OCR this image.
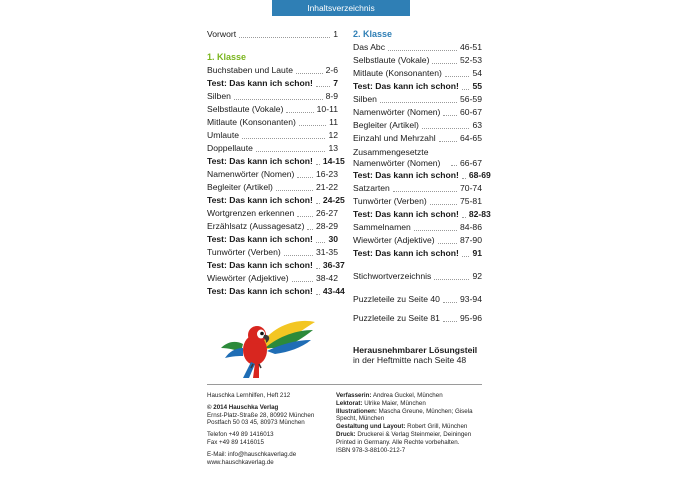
Inhaltsverzeichnis
Vorwort	1
1. Klasse
Buchstaben und Laute	2-6
Test: Das kann ich schon! 7
Silben	8-9
Selbstlaute (Vokale)	10-11
Mitlaute (Konsonanten)	11
Umlaute	12
Doppellaute	13
Test: Das kann ich schon! 14-15
Namenwörter (Nomen)	16-23
Begleiter (Artikel)	21-22
Test: Das kann ich schon! 24-25
Wortgrenzen erkennen	26-27
Erzählsatz (Aussagesatz) 28-29
Test: Das kann ich schon! 30
Tunwörter (Verben)	31-35
Test: Das kann ich schon! 36-37
Wiewörter (Adjektive)	38-42
Test: Das kann ich schon! 43-44
2. Klasse
Das Abc	46-51
Selbstlaute (Vokale)	52-53
Mitlaute (Konsonanten)	54
Test: Das kann ich schon! 55
Silben	56-59
Namenwörter (Nomen) 60-67
Begleiter (Artikel)	63
Einzahl und Mehrzahl	64-65
Zusammengesetzte Namenwörter (Nomen)	66-67
Test: Das kann ich schon! 68-69
Satzarten	70-74
Tunwörter (Verben)	75-81
Test: Das kann ich schon! 82-83
Sammelnamen	84-86
Wiewörter (Adjektive)	87-90
Test: Das kann ich schon! 91
Stichwortverzeichnis	92
Puzzleteile zu Seite 40 93-94
Puzzleteile zu Seite 81 95-96
Herausnehmbarer Lösungsteil
in der Heftmitte nach Seite 48
Hauschka Lernhilfen, Heft 212
© 2014 Hauschka Verlag
Ernst-Platz-Straße 28, 80992 München
Postfach 50 03 45, 80973 München
Telefon +49 89 1416013
Fax +49 89 1416015
E-Mail: info@hauschkaverlag.de
www.hauschkaverlag.de
Verfasserin: Andrea Guckel, München
Lektorat: Ulrike Maier, München
Illustrationen: Mascha Greune, München; Gisela Specht, München
Gestaltung und Layout: Robert Grill, München
Druck: Druckerei & Verlag Steinmeier, Deiningen
Printed in Germany. Alle Rechte vorbehalten.
ISBN 978-3-88100-212-7
